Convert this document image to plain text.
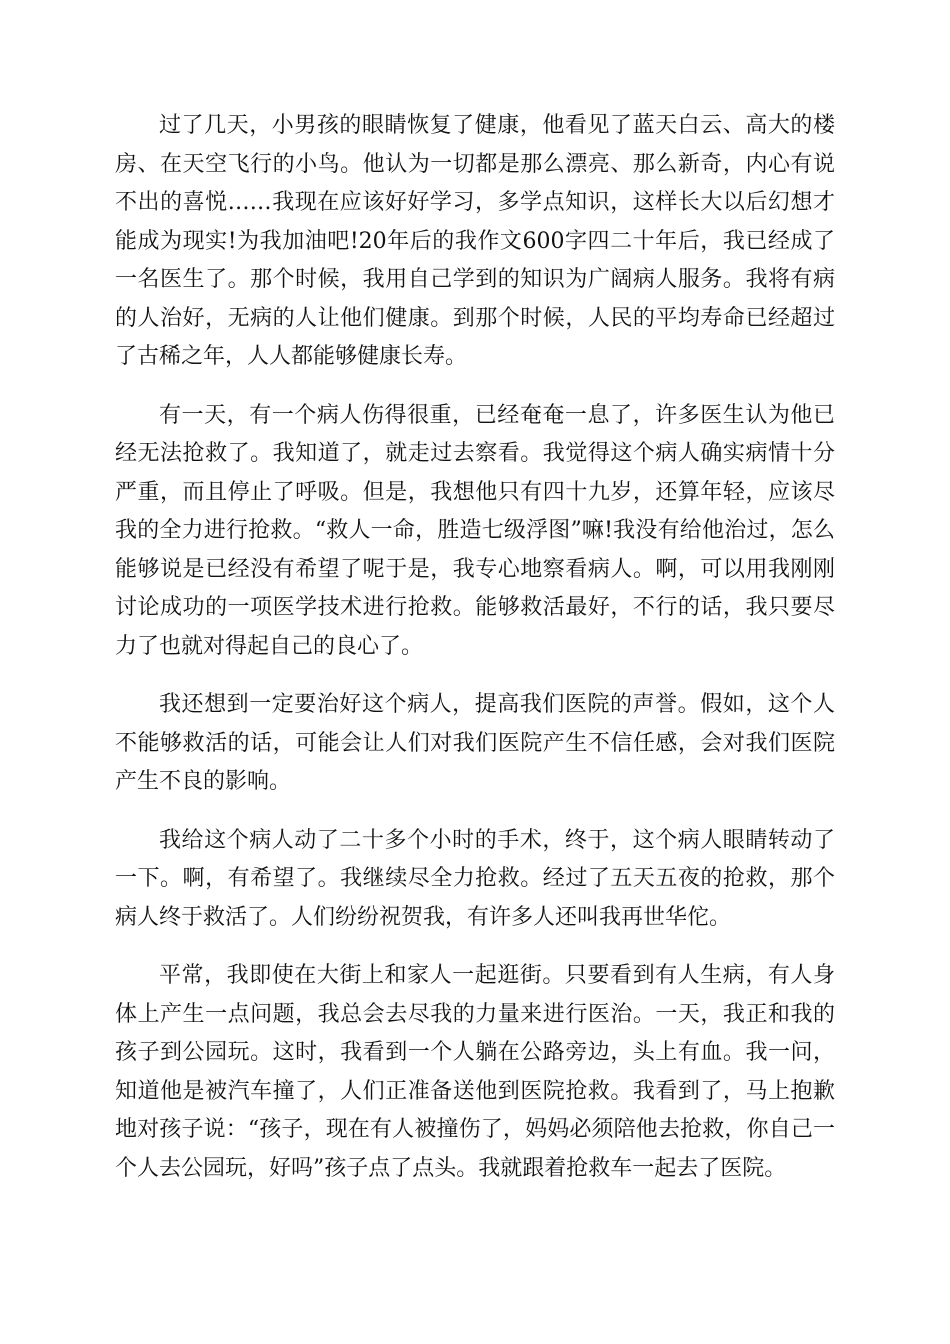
过了几天，小男孩的眼睛恢复了健康，他看见了蓝天白云、高大的楼房、在天空飞行的小鸟。他认为一切都是那么漂亮、那么新奇，内心有说不出的喜悦……我现在应该好好学习，多学点知识，这样长大以后幻想才能成为现实!为我加油吧!20年后的我作文600字四二十年后，我已经成了一名医生了。那个时候，我用自己学到的知识为广阔病人服务。我将有病的人治好，无病的人让他们健康。到那个时候，人民的平均寿命已经超过了古稀之年，人人都能够健康长寿。

有一天，有一个病人伤得很重，已经奄奄一息了，许多医生认为他已经无法抢救了。我知道了，就走过去察看。我觉得这个病人确实病情十分严重，而且停止了呼吸。但是，我想他只有四十九岁，还算年轻，应该尽我的全力进行抢救。“救人一命，胜造七级浮图”嘛!我没有给他治过，怎么能够说是已经没有希望了呢于是，我专心地察看病人。啊，可以用我刚刚讨论成功的一项医学技术进行抢救。能够救活最好，不行的话，我只要尽力了也就对得起自己的良心了。

我还想到一定要治好这个病人，提高我们医院的声誉。假如，这个人不能够救活的话，可能会让人们对我们医院产生不信任感，会对我们医院产生不良的影响。

我给这个病人动了二十多个小时的手术，终于，这个病人眼睛转动了一下。啊，有希望了。我继续尽全力抢救。经过了五天五夜的抢救，那个病人终于救活了。人们纷纷祝贺我，有许多人还叫我再世华佗。

平常，我即使在大街上和家人一起逛街。只要看到有人生病，有人身体上产生一点问题，我总会去尽我的力量来进行医治。一天，我正和我的孩子到公园玩。这时，我看到一个人躺在公路旁边，头上有血。我一问，知道他是被汽车撞了，人们正准备送他到医院抢救。我看到了，马上抱歉地对孩子说：“孩子，现在有人被撞伤了，妈妈必须陪他去抢救，你自己一个人去公园玩，好吗”孩子点了点头。我就跟着抢救车一起去了医院。
